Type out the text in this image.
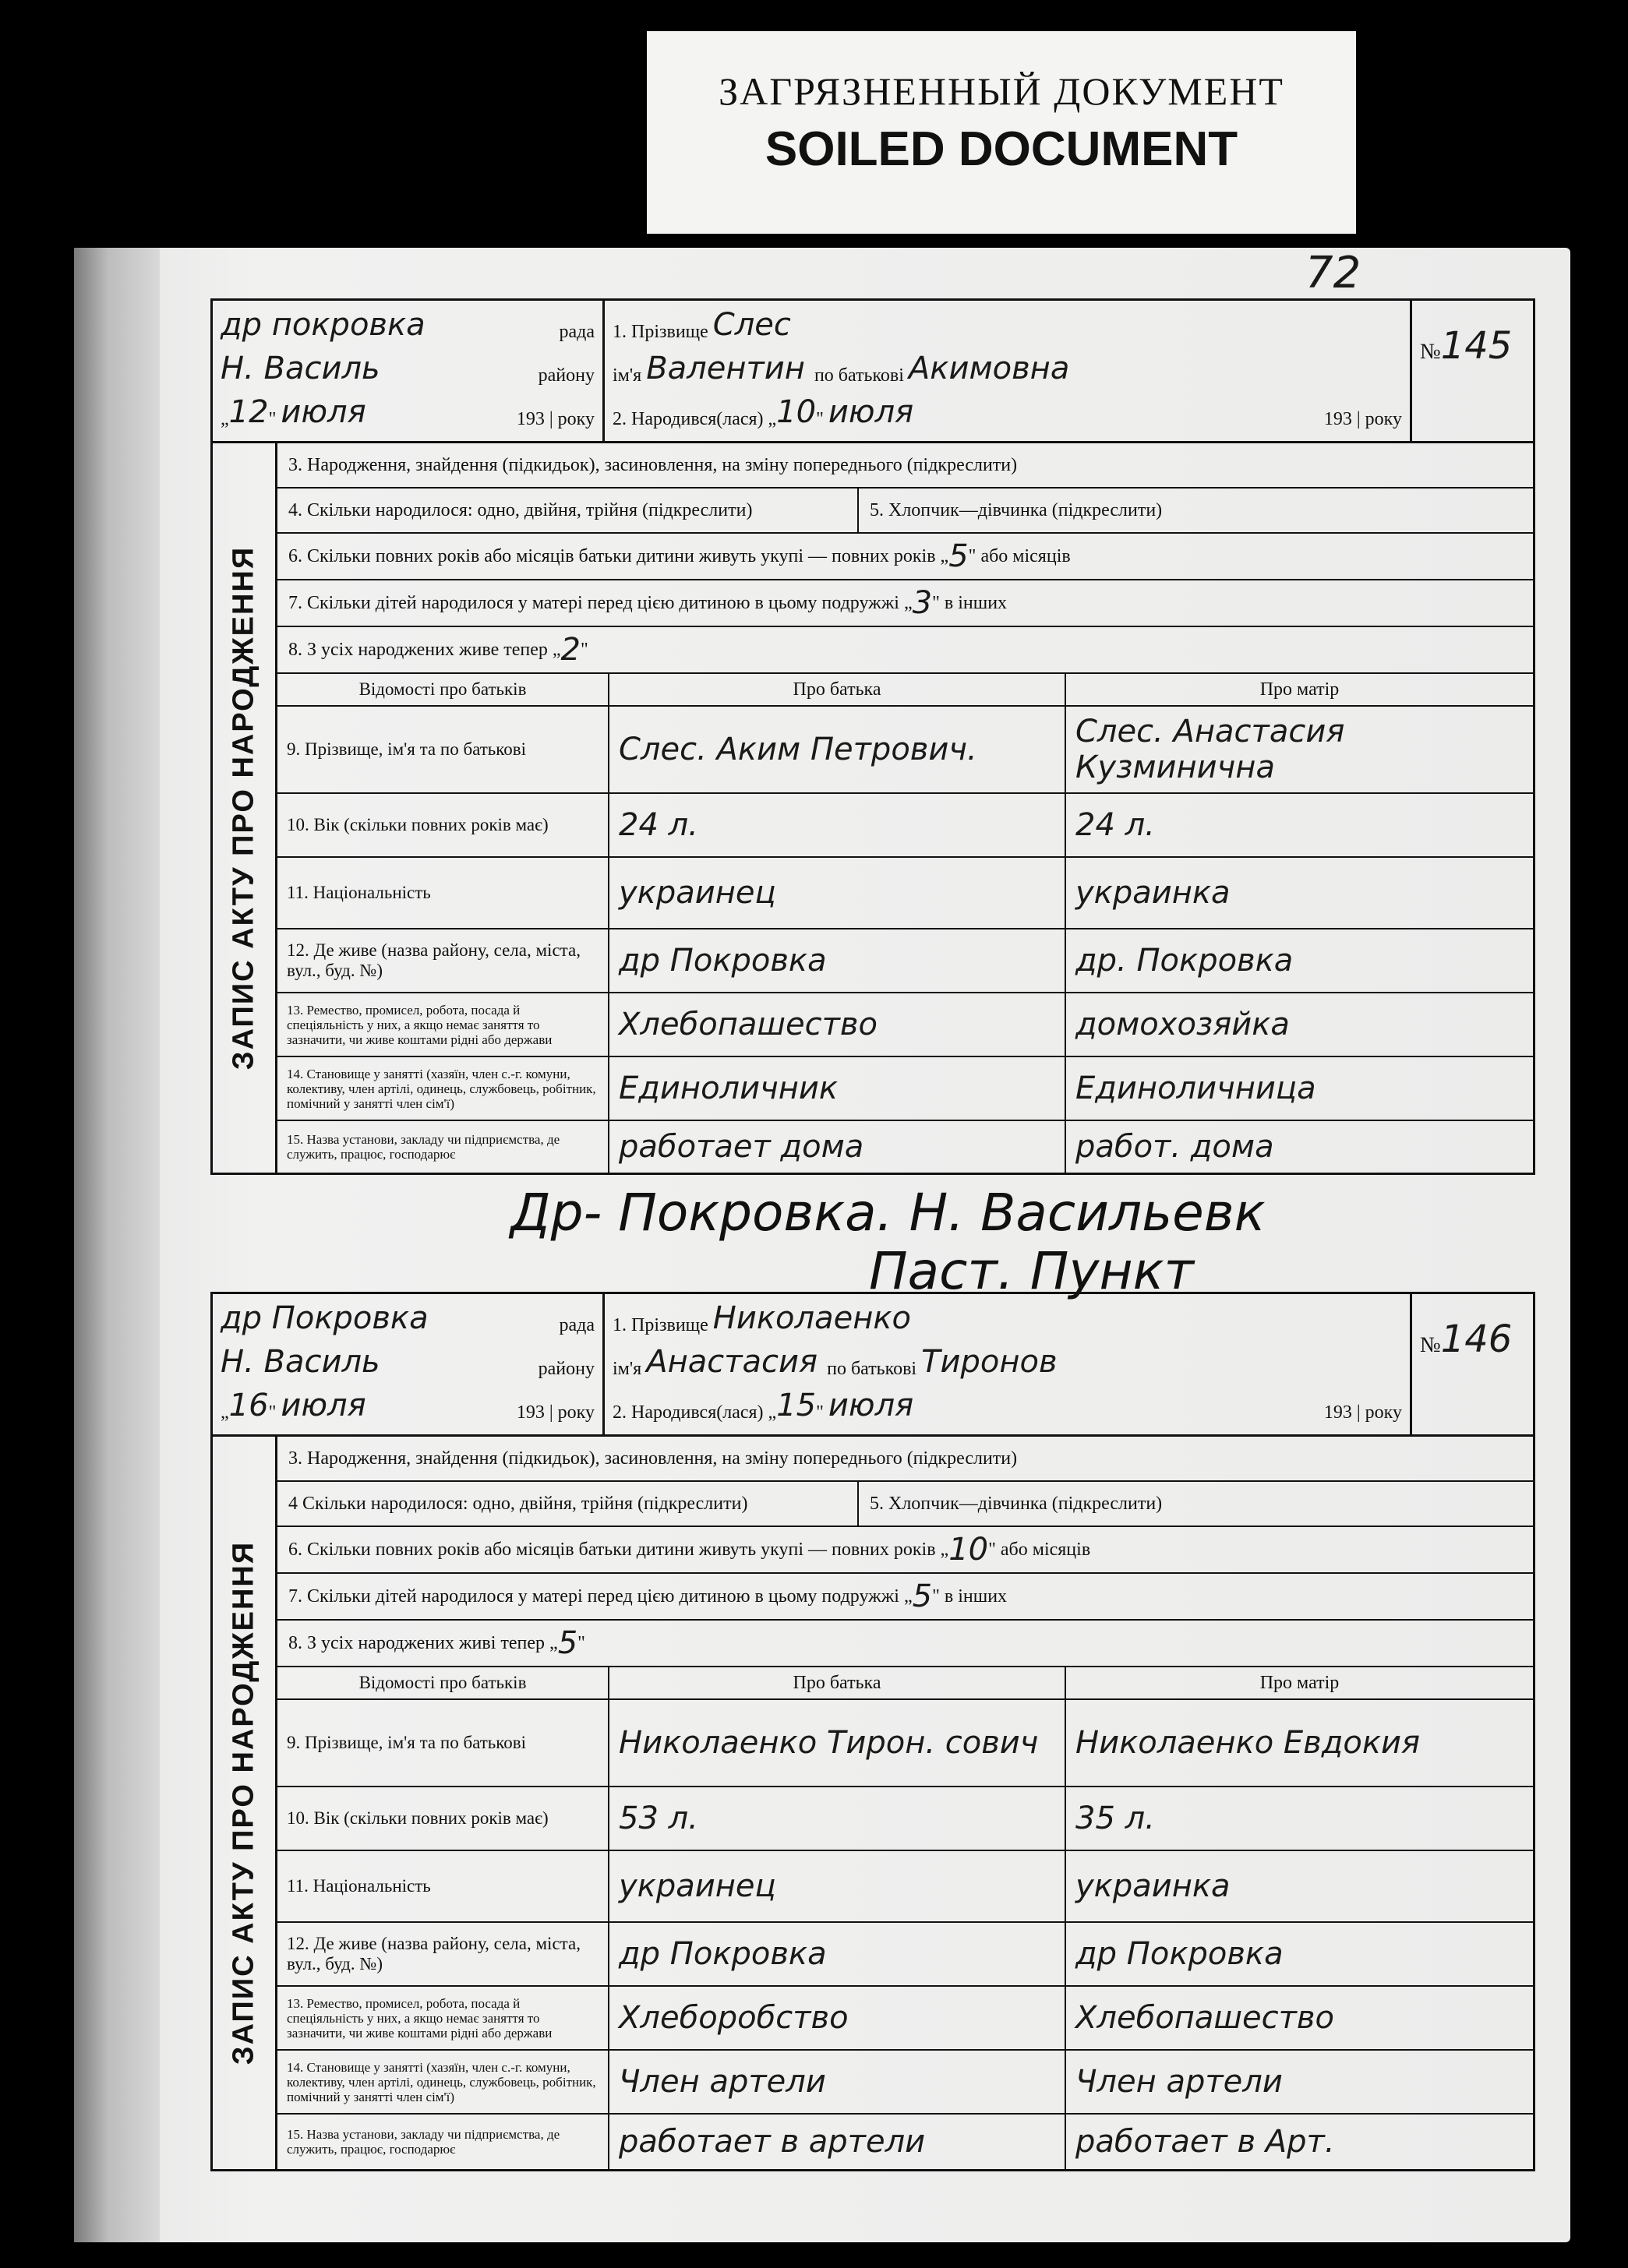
ЗАГРЯЗНЕННЫЙ ДОКУМЕНТ
SOILED DOCUMENT
72
др покровка	рада
Н. Василь	району
„ 12 " июля	193 | року
1. Прізвище
Слес
ім'я
Валентин
по батькові
Акимовна
2. Народився(лася) „ 10 " июля	193 | року
№145
ЗАПИС АКТУ ПРО НАРОДЖЕННЯ
3. Народження, знайдення (підкидьок), засиновлення, на зміну попереднього (підкреслити)
4. Скільки народилося: одно, двійня, трійня (підкреслити)	5. Хлопчик—дівчинка (підкреслити)
6. Скільки повних років або місяців батьки дитини живуть укупі — повних років „ 5 " або місяців
7. Скільки дітей народилося у матері перед цією дитиною в цьому подружжі „ 3 " в інших
8. З усіх народжених живе тепер „ 2 "
Відомості про батьків	Про батька	Про матір
9. Прізвище, ім'я та по батькові	Слес. Аким Петрович.	Слес. Анастасия Кузминична
10. Вік (скільки повних років має)	24 л.	24 л.
11. Національність	украинец	украинка
12. Де живе (назва району, села, міста, вул., буд. №)	др Покровка	др. Покровка
13. Ремество, промисел, робота, посада й спеціяльність у них, а якщо немає заняття то зазначити, чи живе коштами рідні або держави	Хлебопашество	домохозяйка
14. Становище у занятті (хазяїн, член с.-г. комуни, колективу, член артілі, одинець, службовець, робітник, помічний у занятті член сім'ї)	Единоличник	Единоличница
15. Назва установи, закладу чи підприємства, де служить, працює, господарює	работает дома	работ. дома
Др- Покровка. Н. Васильевк
Паст. Пункт
др Покровка	рада
Н. Василь	району
„ 16 " июля	193 | року
1. Прізвище
Николаенко
ім'я
Анастасия
по батькові
Тиронов
2. Народився(лася) „ 15 " июля	193 | року
№146
ЗАПИС АКТУ ПРО НАРОДЖЕННЯ
3. Народження, знайдення (підкидьок), засиновлення, на зміну попереднього (підкреслити)
4 Скільки народилося: одно, двійня, трійня (підкреслити)	5. Хлопчик—дівчинка (підкреслити)
6. Скільки повних років або місяців батьки дитини живуть укупі — повних років „ 10 " або місяців
7. Скільки дітей народилося у матері перед цією дитиною в цьому подружжі „ 5 " в інших
8. З усіх народжених живі тепер „ 5 "
Відомості про батьків	Про батька	Про матір
9. Прізвище, ім'я та по батькові	Николаенко Тирон. сович	Николаенко Евдокия
10. Вік (скільки повних років має)	53 л.	35 л.
11. Національність	украинец	украинка
12. Де живе (назва району, села, міста, вул., буд. №)	др Покровка	др Покровка
13. Ремество, промисел, робота, посада й спеціяльність у них, а якщо немає заняття то зазначити, чи живе коштами рідні або держави	Хлеборобство	Хлебопашество
14. Становище у занятті (хазяїн, член с.-г. комуни, колективу, член артілі, одинець, службовець, робітник, помічний у занятті член сім'ї)	Член артели	Член артели
15. Назва установи, закладу чи підприємства, де служить, працює, господарює	работает в артели	работает в Арт.
